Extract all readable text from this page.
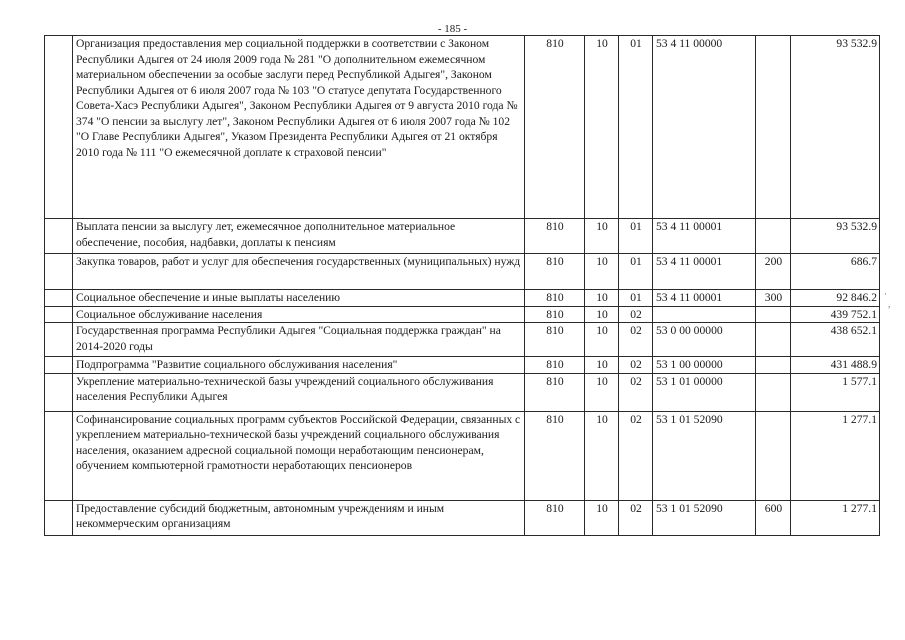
- 185 -
	Организация предоставления мер социальной поддержки в соответствии с Законом Республики Адыгея от 24 июля 2009 года № 281 "О дополнительном ежемесячном материальном обеспечении за особые заслуги перед Республикой Адыгея", Законом Республики Адыгея от 6 июля 2007 года № 103 "О статусе депутата Государственного Совета-Хасэ Республики Адыгея", Законом Республики Адыгея от 9 августа 2010 года № 374 "О пенсии за выслугу лет", Законом Республики Адыгея от 6 июля 2007 года № 102 "О Главе Республики Адыгея", Указом Президента Республики Адыгея от 21 октября 2010 года № 111 "О ежемесячной доплате к страховой пенсии"	810	10	01	53 4 11 00000		93 532.9
	Выплата пенсии за выслугу лет, ежемесячное дополнительное материальное обеспечение, пособия, надбавки, доплаты к пенсиям	810	10	01	53 4 11 00001		93 532.9
	Закупка товаров, работ и услуг для обеспечения государственных (муниципальных) нужд	810	10	01	53 4 11 00001	200	686.7
	Социальное обеспечение и иные выплаты населению	810	10	01	53 4 11 00001	300	92 846.2
	Социальное обслуживание населения	810	10	02			439 752.1
	Государственная программа Республики Адыгея "Социальная поддержка граждан" на 2014-2020 годы	810	10	02	53 0 00 00000		438 652.1
	Подпрограмма "Развитие социального обслуживания населения"	810	10	02	53 1 00 00000		431 488.9
	Укрепление материально-технической базы учреждений социального обслуживания населения Республики Адыгея	810	10	02	53 1 01 00000		1 577.1
	Софинансирование социальных программ субъектов Российской Федерации, связанных с укреплением материально-технической базы учреждений социального обслуживания населения, оказанием адресной социальной помощи неработающим пенсионерам, обучением компьютерной грамотности неработающих пенсионеров	810	10	02	53 1 01 52090		1 277.1
	Предоставление субсидий бюджетным, автономным учреждениям и иным некоммерческим организациям	810	10	02	53 1 01 52090	600	1 277.1
·
,
